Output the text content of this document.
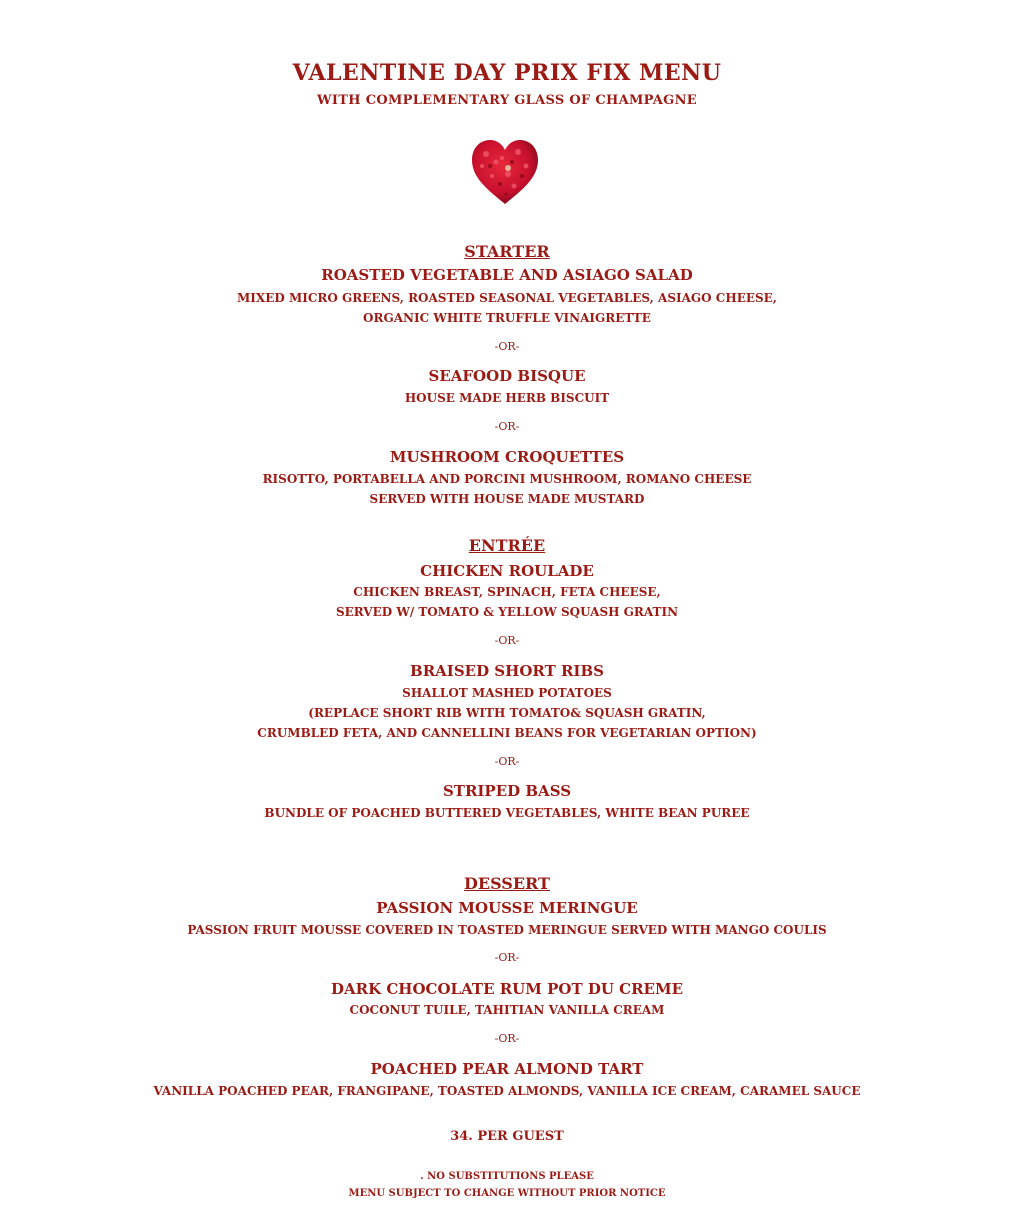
VALENTINE DAY PRIX FIX MENU
WITH COMPLEMENTARY GLASS OF CHAMPAGNE
STARTER
ROASTED VEGETABLE AND ASIAGO SALAD
MIXED MICRO GREENS, ROASTED SEASONAL VEGETABLES, ASIAGO CHEESE,
ORGANIC WHITE TRUFFLE VINAIGRETTE
-OR-
SEAFOOD BISQUE
HOUSE MADE HERB BISCUIT
-OR-
MUSHROOM CROQUETTES
RISOTTO, PORTABELLA AND PORCINI MUSHROOM, ROMANO CHEESE
SERVED WITH HOUSE MADE MUSTARD
ENTRÉE
CHICKEN ROULADE
CHICKEN BREAST, SPINACH, FETA CHEESE,
SERVED W/ TOMATO & YELLOW SQUASH GRATIN
-OR-
BRAISED SHORT RIBS
SHALLOT MASHED POTATOES
(REPLACE SHORT RIB WITH TOMATO& SQUASH GRATIN,
CRUMBLED FETA, AND CANNELLINI BEANS FOR VEGETARIAN OPTION)
-OR-
STRIPED BASS
BUNDLE OF POACHED BUTTERED VEGETABLES, WHITE BEAN PUREE
DESSERT
PASSION MOUSSE MERINGUE
PASSION FRUIT MOUSSE COVERED IN TOASTED MERINGUE SERVED WITH MANGO COULIS
-OR-
DARK CHOCOLATE RUM POT DU CREME
COCONUT TUILE, TAHITIAN VANILLA CREAM
-OR-
POACHED PEAR ALMOND TART
VANILLA POACHED PEAR, FRANGIPANE, TOASTED ALMONDS, VANILLA ICE CREAM, CARAMEL SAUCE
34. PER GUEST
. NO SUBSTITUTIONS PLEASE
MENU SUBJECT TO CHANGE WITHOUT PRIOR NOTICE
